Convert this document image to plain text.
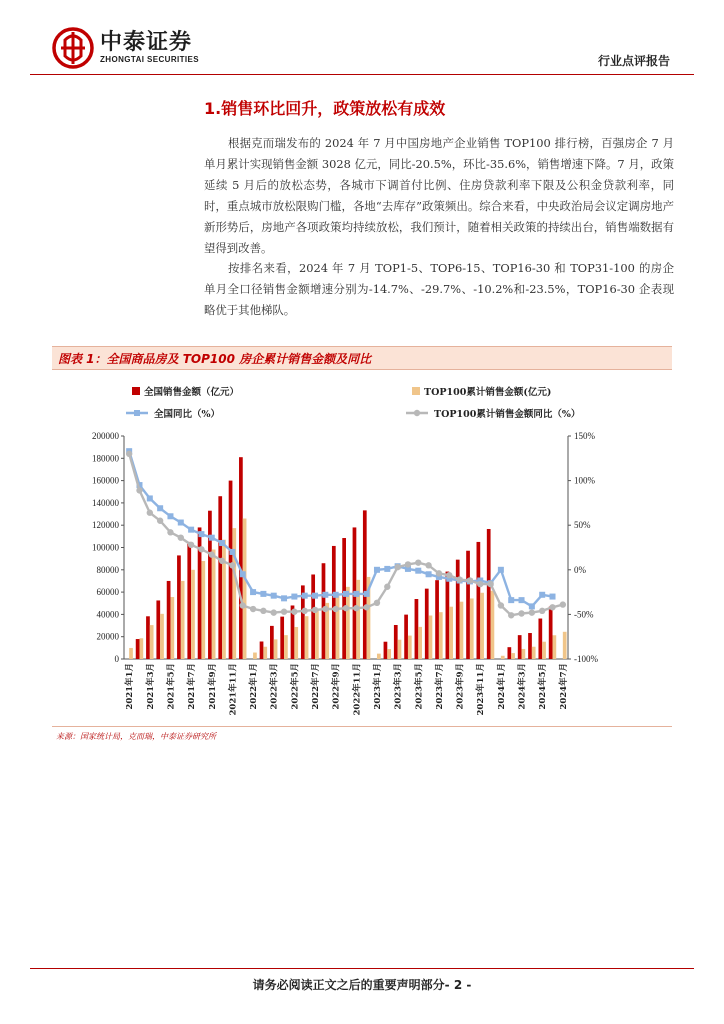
中泰证券
ZHONGTAI SECURITIES	行业点评报告
1.销售环比回升，政策放松有成效

根据克而瑞发布的 2024 年 7 月中国房地产企业销售 TOP100 排行榜，百强房企 7 月单月累计实现销售金额 3028 亿元，同比-20.5%，环比-35.6%，销售增速下降。7 月，政策延续 5 月后的放松态势，各城市下调首付比例、住房贷款利率下限及公积金贷款利率，同时，重点城市放松限购门槛，各地“去库存”政策频出。综合来看，中央政治局会议定调房地产新形势后，房地产各项政策均持续放松，我们预计，随着相关政策的持续出台，销售端数据有望得到改善。

按排名来看，2024 年 7 月 TOP1-5、TOP6-15、TOP16-30 和 TOP31-100 的房企单月全口径销售金额增速分别为-14.7%、-29.7%、-10.2%和-23.5%，TOP16-30 企表现略优于其他梯队。

图表 1：全国商品房及 TOP100 房企累计销售金额及同比
0
20000
40000
60000
80000
100000
120000
140000
160000
180000
200000
-100%
-50%
0%
50%
100%
150%
2021年1月 2021年3月 2021年5月 2021年7月 2021年9月 2021年11月 2022年1月 2022年3月 2022年5月 2022年7月 2022年9月 2022年11月 2023年1月 2023年3月 2023年5月 2023年7月 2023年9月 2023年11月 2024年1月 2024年3月 2024年5月 2024年7月
全国销售金额（亿元）	TOP100累计销售金额(亿元)
全国同比（%）	TOP100累计销售金额同比（%）
来源：国家统计局，克而瑞，中泰证券研究所
请务必阅读正文之后的重要声明部分- 2 -
